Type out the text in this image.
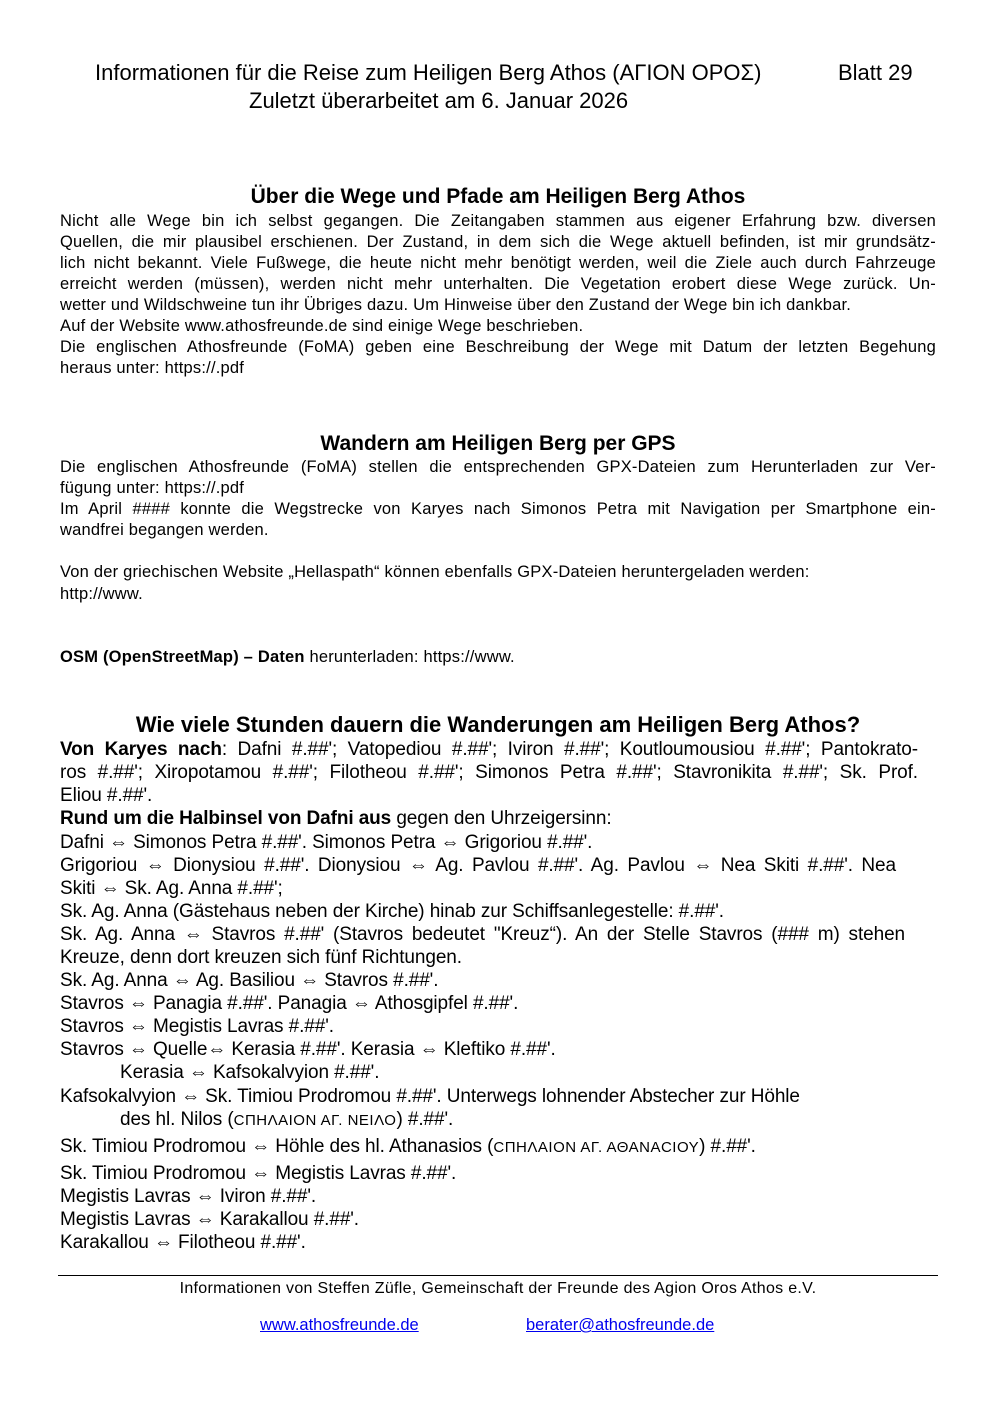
Informationen für die Reise zum Heiligen Berg Athos (ΑΓΙΟΝ ΟΡΟΣ)	Blatt 29
Zuletzt überarbeitet am 6. Januar 2026
Über die Wege und Pfade am Heiligen Berg Athos
Nicht alle Wege bin ich selbst gegangen. Die Zeitangaben stammen aus eigener Erfahrung bzw. diversen
Quellen, die mir plausibel erschienen. Der Zustand, in dem sich die Wege aktuell befinden, ist mir grundsätz-
lich nicht bekannt. Viele Fußwege, die heute nicht mehr benötigt werden, weil die Ziele auch durch Fahrzeuge
erreicht werden (müssen), werden nicht mehr unterhalten. Die Vegetation erobert diese Wege zurück. Un-
wetter und Wildschweine tun ihr Übriges dazu. Um Hinweise über den Zustand der Wege bin ich dankbar.
Auf der Website www.athosfreunde.de sind einige Wege beschrieben.
Die englischen Athosfreunde (FoMA) geben eine Beschreibung der Wege mit Datum der letzten Begehung
heraus unter: https://.pdf
Wandern am Heiligen Berg per GPS
Die englischen Athosfreunde (FoMA) stellen die entsprechenden GPX-Dateien zum Herunterladen zur Ver-
fügung unter: https://.pdf
Im April #### konnte die Wegstrecke von Karyes nach Simonos Petra mit Navigation per Smartphone ein-
wandfrei begangen werden.
Von der griechischen Website „Hellaspath“ können ebenfalls GPX-Dateien heruntergeladen werden:
http://www.
OSM (OpenStreetMap) – Daten herunterladen: https://www.
Wie viele Stunden dauern die Wanderungen am Heiligen Berg Athos?
Von Karyes nach: Dafni #.##'; Vatopediou #.##'; Iviron #.##'; Koutloumousiou #.##'; Pantokrato-
ros #.##'; Xiropotamou #.##'; Filotheou #.##'; Simonos Petra #.##'; Stavronikita #.##'; Sk. Prof.
Eliou #.##'.
Rund um die Halbinsel von Dafni aus gegen den Uhrzeigersinn:
Dafni ⇔ Simonos Petra #.##'. Simonos Petra ⇔ Grigoriou #.##'.
Grigoriou ⇔ Dionysiou #.##'. Dionysiou ⇔ Ag. Pavlou #.##'. Ag. Pavlou ⇔ Nea Skiti #.##'. Nea
Skiti ⇔ Sk. Ag. Anna #.##';
Sk. Ag. Anna (Gästehaus neben der Kirche) hinab zur Schiffsanlegestelle: #.##'.
Sk. Ag. Anna ⇔ Stavros #.##' (Stavros bedeutet "Kreuz“). An der Stelle Stavros (### m) stehen
Kreuze, denn dort kreuzen sich fünf Richtungen.
Sk. Ag. Anna ⇔ Ag. Basiliou ⇔ Stavros #.##'.
Stavros ⇔ Panagia #.##'. Panagia ⇔ Athosgipfel #.##'.
Stavros ⇔ Megistis Lavras #.##'.
Stavros ⇔ Quelle⇔ Kerasia #.##'. Kerasia ⇔ Kleftiko #.##'.
Kerasia ⇔ Kafsokalvyion #.##'.
Kafsokalvyion ⇔ Sk. Timiou Prodromou #.##'. Unterwegs lohnender Abstecher zur Höhle
des hl. Nilos (ϹΠΗΛΑΙΟΝ ΑΓ. ΝΕΙΛΟ) #.##'.
Sk. Timiou Prodromou ⇔ Höhle des hl. Athanasios (ϹΠΗΛΑΙΟΝ ΑΓ. ΑΘΑΝΑϹΙΟΥ) #.##'.
Sk. Timiou Prodromou ⇔ Megistis Lavras #.##'.
Megistis Lavras ⇔ Iviron #.##'.
Megistis Lavras ⇔ Karakallou #.##'.
Karakallou ⇔ Filotheou #.##'.
Informationen von Steffen Züfle, Gemeinschaft der Freunde des Agion Oros Athos e.V.
www.athosfreunde.de	berater@athosfreunde.de
